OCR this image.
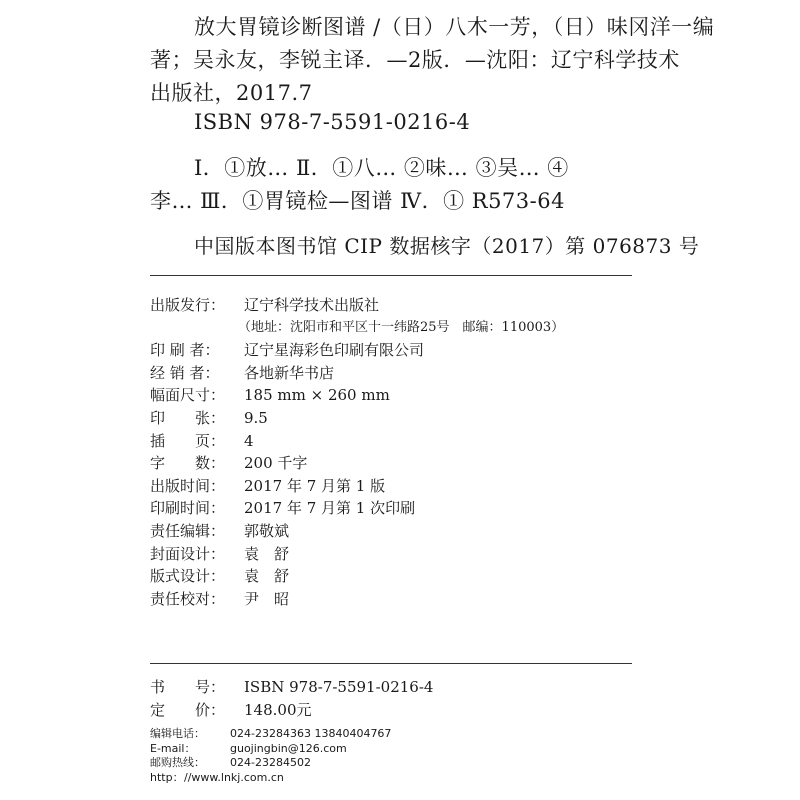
放大胃镜诊断图谱 /（日）八木一芳，（日）味冈洋一编
著；吴永友，李锐主译．—2版．—沈阳：辽宁科学技术
出版社，2017.7
ISBN 978-7-5591-0216-4
Ⅰ．①放… Ⅱ．①八… ②味… ③吴… ④
李… Ⅲ．①胃镜检—图谱 Ⅳ．① R573-64
中国版本图书馆 CIP 数据核字（2017）第 076873 号
出版发行：	辽宁科学技术出版社
（地址：沈阳市和平区十一纬路25号　邮编：110003）
印 刷 者：	辽宁星海彩色印刷有限公司
经 销 者：	各地新华书店
幅面尺寸：	185 mm × 260 mm
印　　张：	9.5
插　　页：	4
字　　数：	200 千字
出版时间：	2017 年 7 月第 1 版
印刷时间：	2017 年 7 月第 1 次印刷
责任编辑：	郭敬斌
封面设计：	袁　舒
版式设计：	袁　舒
责任校对：	尹　昭
书　　号：	ISBN 978-7-5591-0216-4
定　　价：	148.00元
编辑电话：	024-23284363 13840404767
E-mail：	guojingbin@126.com
邮购热线：	024-23284502
http： //www.lnkj.com.cn
